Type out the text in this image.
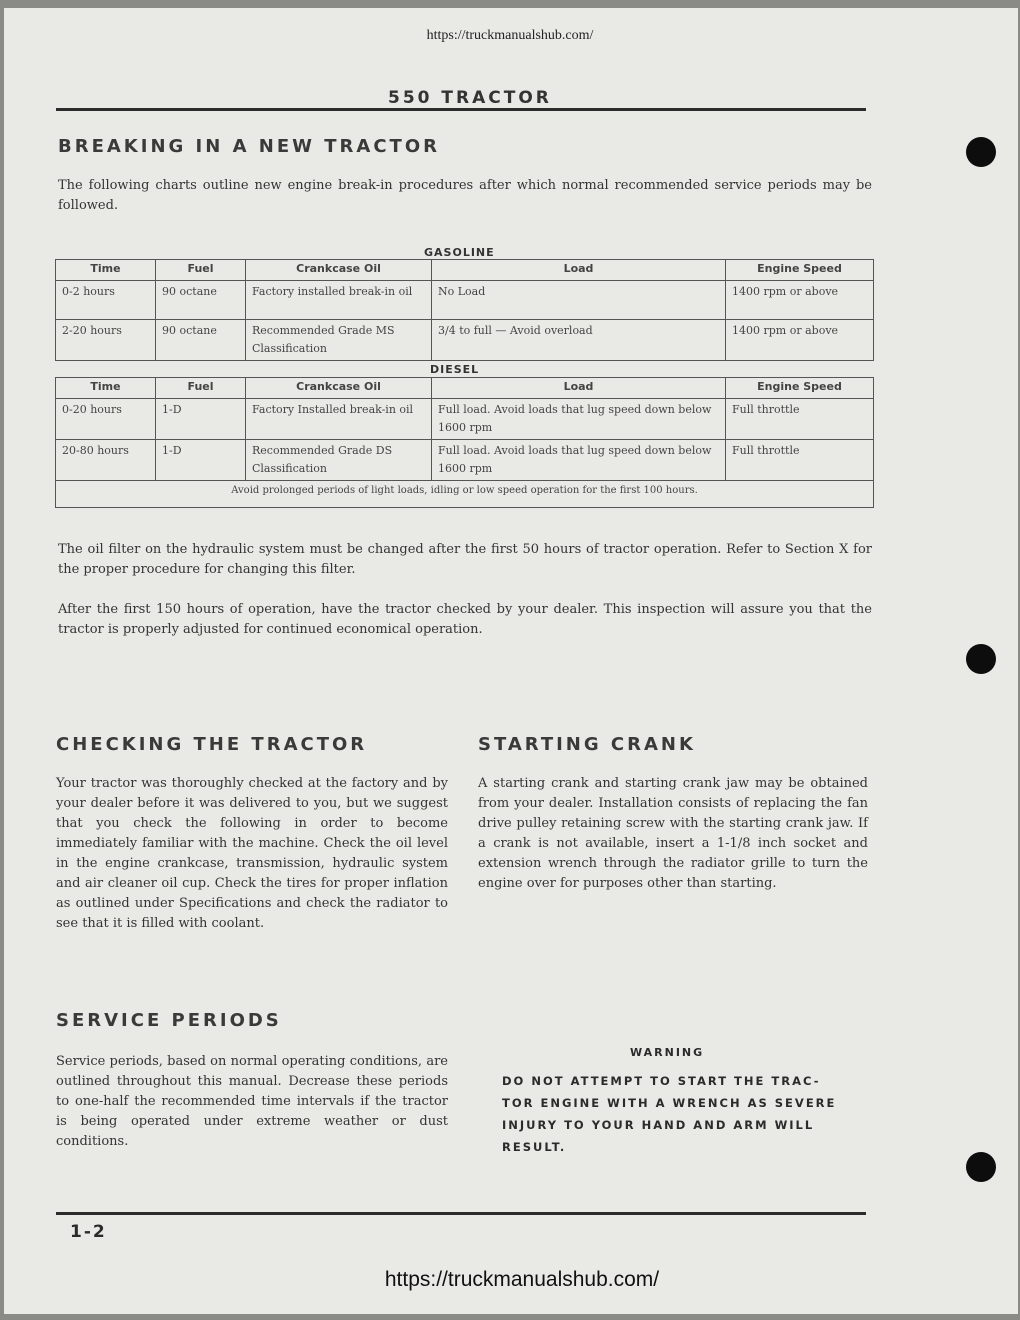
https://truckmanualshub.com/
550 TRACTOR
BREAKING IN A NEW TRACTOR

The following charts outline new engine break-in procedures after which normal recommended service periods may be followed.

GASOLINE
Time	Fuel	Crankcase Oil	Load	Engine Speed
0-2 hours	90 octane	Factory installed break-in oil	No Load	1400 rpm or above
2-20 hours	90 octane	Recommended Grade MS Classification	3/4 to full — Avoid overload	1400 rpm or above
DIESEL
Time	Fuel	Crankcase Oil	Load	Engine Speed
0-20 hours	1-D	Factory Installed break-in oil	Full load. Avoid loads that lug speed down below 1600 rpm	Full throttle
20-80 hours	1-D	Recommended Grade DS Classification	Full load. Avoid loads that lug speed down below 1600 rpm	Full throttle
Avoid prolonged periods of light loads, idling or low speed operation for the first 100 hours.				

The oil filter on the hydraulic system must be changed after the first 50 hours of tractor operation. Refer to Section X for the proper procedure for changing this filter.

After the first 150 hours of operation, have the tractor checked by your dealer. This inspection will assure you that the tractor is properly adjusted for continued economical operation.

CHECKING THE TRACTOR

Your tractor was thoroughly checked at the factory and by your dealer before it was delivered to you, but we suggest that you check the following in order to become immediately familiar with the machine. Check the oil level in the engine crankcase, transmission, hydraulic system and air cleaner oil cup. Check the tires for proper inflation as outlined under Specifications and check the radiator to see that it is filled with coolant.

STARTING CRANK

A starting crank and starting crank jaw may be obtained from your dealer. Installation consists of replacing the fan drive pulley retaining screw with the starting crank jaw. If a crank is not available, insert a 1-1/8 inch socket and extension wrench through the radiator grille to turn the engine over for purposes other than starting.

SERVICE PERIODS

Service periods, based on normal operating conditions, are outlined throughout this manual. Decrease these periods to one-half the recommended time intervals if the tractor is being operated under extreme weather or dust conditions.

WARNING
DO NOT ATTEMPT TO START THE TRAC-
TOR ENGINE WITH A WRENCH AS SEVERE
INJURY TO YOUR HAND AND ARM WILL
RESULT.
1-2
https://truckmanualshub.com/
